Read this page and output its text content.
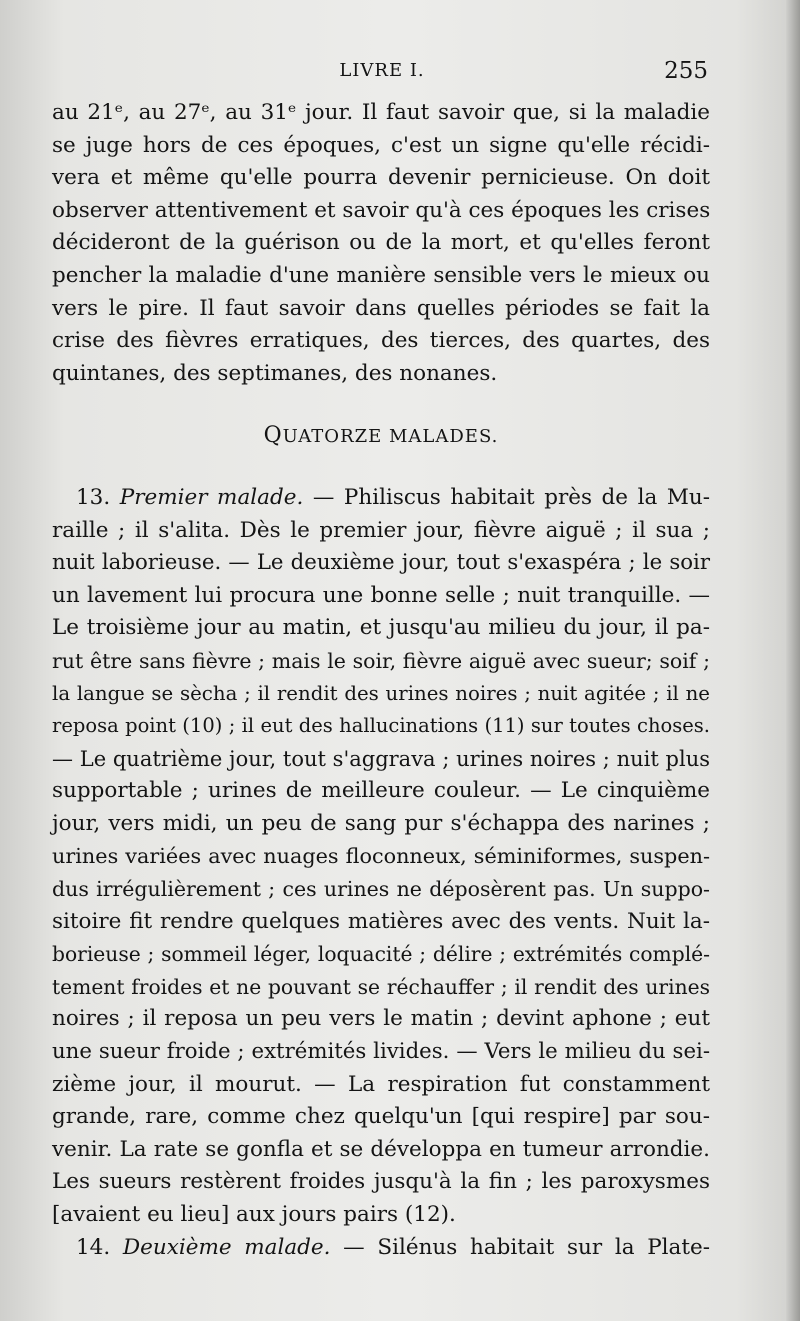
LIVRE I.	255
au 21ᵉ, au 27ᵉ, au 31ᵉ jour. Il faut savoir que, si la maladie
se juge hors de ces époques, c'est un signe qu'elle récidi-
vera et même qu'elle pourra devenir pernicieuse. On doit
observer attentivement et savoir qu'à ces époques les crises
décideront de la guérison ou de la mort, et qu'elles feront
pencher la maladie d'une manière sensible vers le mieux ou
vers le pire. Il faut savoir dans quelles périodes se fait la
crise des fièvres erratiques, des tierces, des quartes, des
quintanes, des septimanes, des nonanes.
QUATORZE MALADES.
13. Premier malade. — Philiscus habitait près de la Mu-
raille ; il s'alita. Dès le premier jour, fièvre aiguë ; il sua ;
nuit laborieuse. — Le deuxième jour, tout s'exaspéra ; le soir
un lavement lui procura une bonne selle ; nuit tranquille. —
Le troisième jour au matin, et jusqu'au milieu du jour, il pa-
rut être sans fièvre ; mais le soir, fièvre aiguë avec sueur; soif ;
la langue se sècha ; il rendit des urines noires ; nuit agitée ; il ne
reposa point (10) ; il eut des hallucinations (11) sur toutes choses.
— Le quatrième jour, tout s'aggrava ; urines noires ; nuit plus
supportable ; urines de meilleure couleur. — Le cinquième
jour, vers midi, un peu de sang pur s'échappa des narines ;
urines variées avec nuages floconneux, séminiformes, suspen-
dus irrégulièrement ; ces urines ne déposèrent pas. Un suppo-
sitoire fit rendre quelques matières avec des vents. Nuit la-
borieuse ; sommeil léger, loquacité ; délire ; extrémités complé-
tement froides et ne pouvant se réchauffer ; il rendit des urines
noires ; il reposa un peu vers le matin ; devint aphone ; eut
une sueur froide ; extrémités livides. — Vers le milieu du sei-
zième jour, il mourut. — La respiration fut constamment
grande, rare, comme chez quelqu'un [qui respire] par sou-
venir. La rate se gonfla et se développa en tumeur arrondie.
Les sueurs restèrent froides jusqu'à la fin ; les paroxysmes
[avaient eu lieu] aux jours pairs (12).
14. Deuxième malade. — Silénus habitait sur la Plate-
